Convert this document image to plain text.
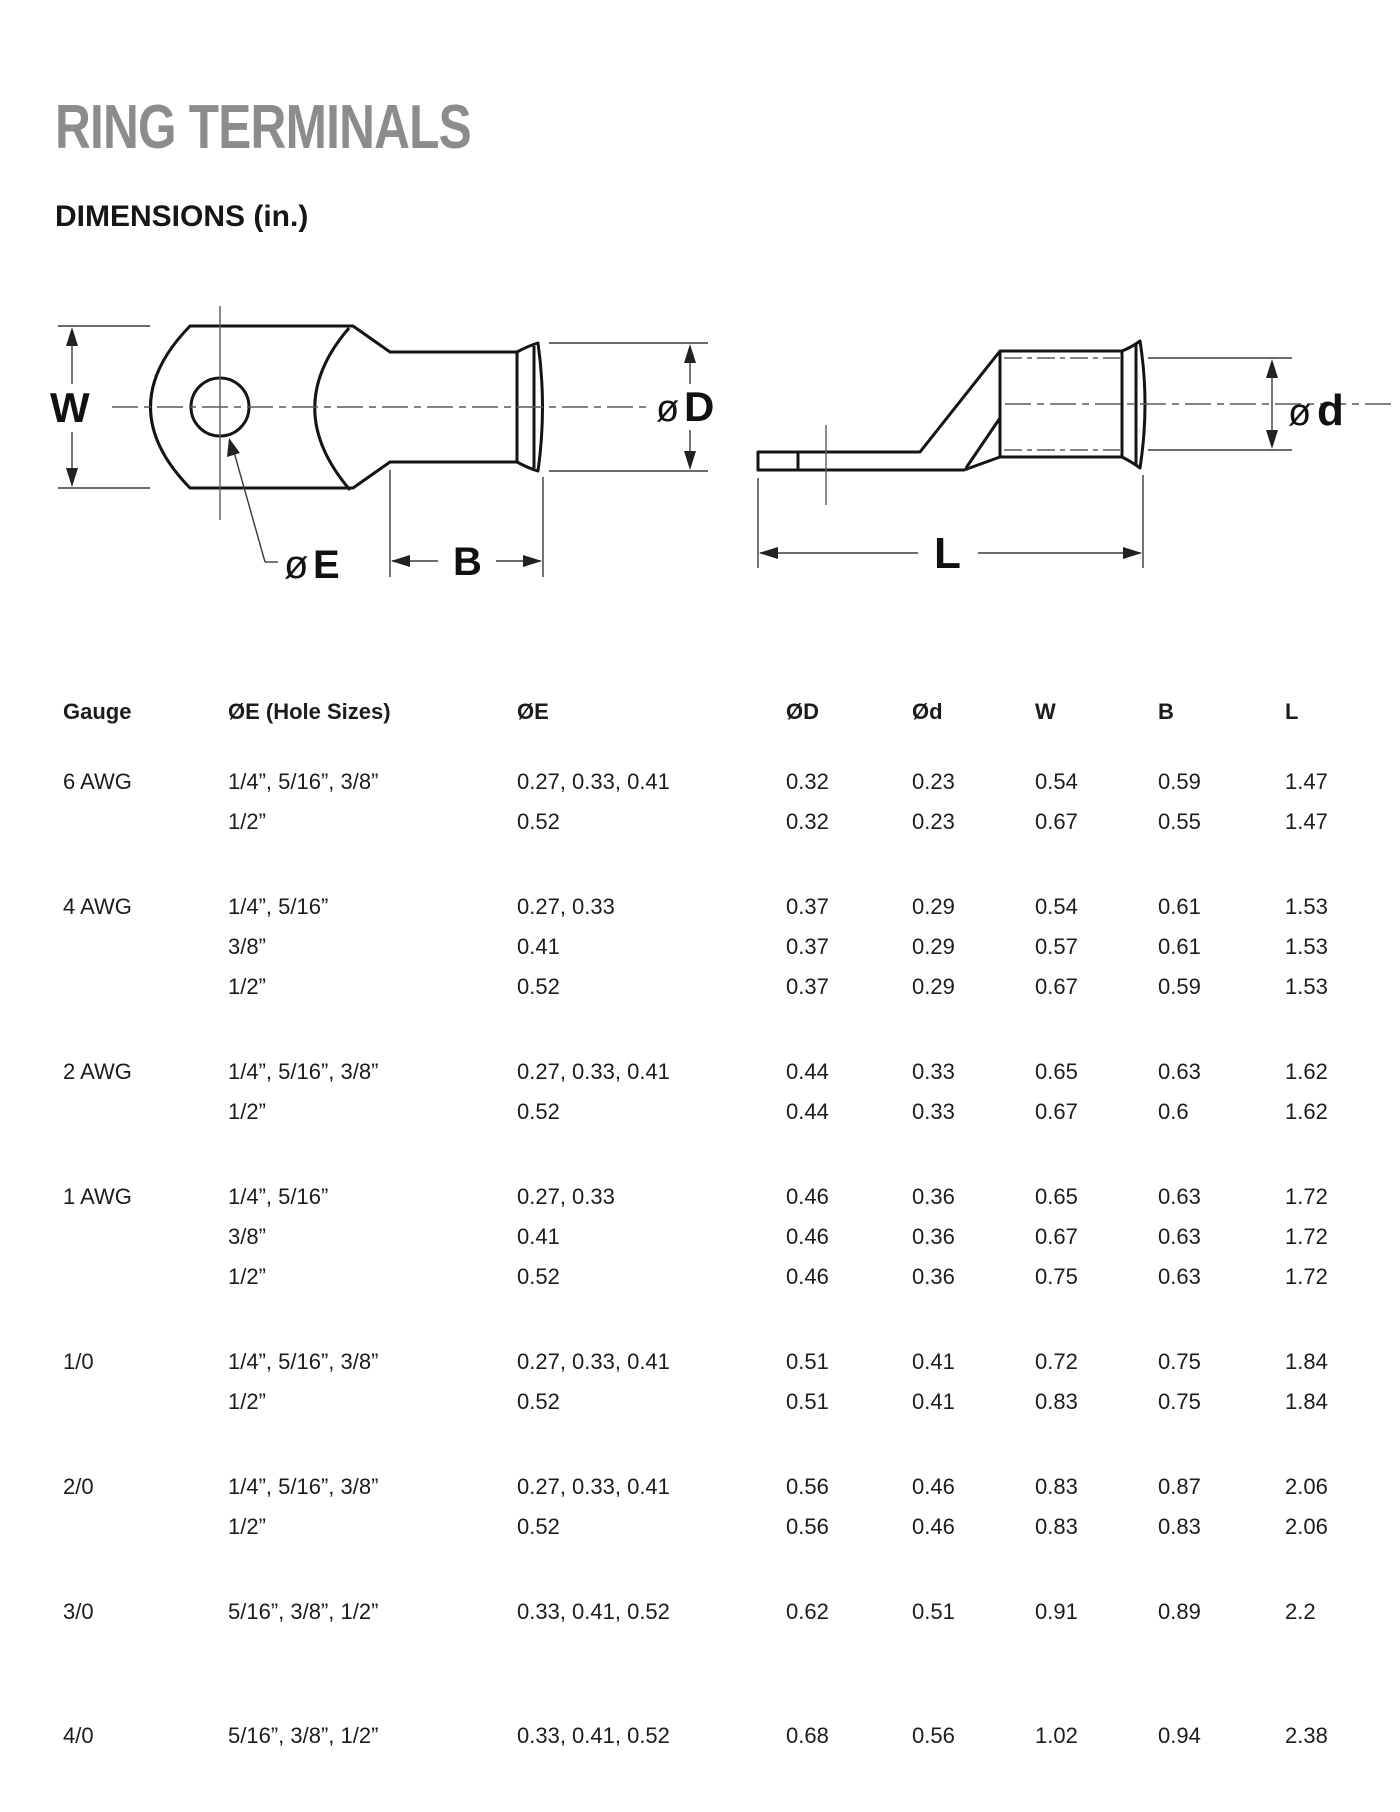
RING TERMINALS
DIMENSIONS (in.)
W
ø E	B
ø D	ø d
L
Gauge	ØE (Hole Sizes)	ØE	ØD	Ød	W	B	L
6 AWG	1/4”, 5/16”, 3/8”	0.27, 0.33, 0.41	0.32	0.23	0.54	0.59	1.47
1/2”	0.52	0.32	0.23	0.67	0.55	1.47
4 AWG	1/4”, 5/16”	0.27, 0.33	0.37	0.29	0.54	0.61	1.53
3/8”	0.41	0.37	0.29	0.57	0.61	1.53
1/2”	0.52	0.37	0.29	0.67	0.59	1.53
2 AWG	1/4”, 5/16”, 3/8”	0.27, 0.33, 0.41	0.44	0.33	0.65	0.63	1.62
1/2”	0.52	0.44	0.33	0.67	0.6	1.62
1 AWG	1/4”, 5/16”	0.27, 0.33	0.46	0.36	0.65	0.63	1.72
3/8”	0.41	0.46	0.36	0.67	0.63	1.72
1/2”	0.52	0.46	0.36	0.75	0.63	1.72
1/0	1/4”, 5/16”, 3/8”	0.27, 0.33, 0.41	0.51	0.41	0.72	0.75	1.84
1/2”	0.52	0.51	0.41	0.83	0.75	1.84
2/0	1/4”, 5/16”, 3/8”	0.27, 0.33, 0.41	0.56	0.46	0.83	0.87	2.06
1/2”	0.52	0.56	0.46	0.83	0.83	2.06
3/0	5/16”, 3/8”, 1/2”	0.33, 0.41, 0.52	0.62	0.51	0.91	0.89	2.2
4/0	5/16”, 3/8”, 1/2”	0.33, 0.41, 0.52	0.68	0.56	1.02	0.94	2.38
